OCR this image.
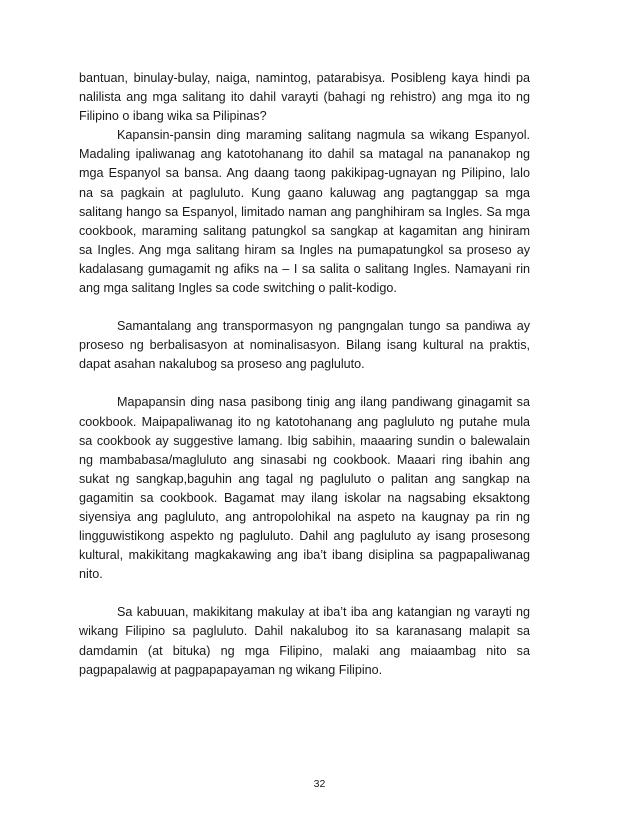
bantuan, binulay-bulay, naiga, namintog, patarabisya. Posibleng kaya hindi pa nalilista ang mga salitang ito dahil varayti (bahagi ng rehistro) ang mga ito ng Filipino o ibang wika sa Pilipinas?

Kapansin-pansin ding maraming salitang nagmula sa wikang Espanyol. Madaling ipaliwanag ang katotohanang ito dahil sa matagal na pananakop ng mga Espanyol sa bansa. Ang daang taong pakikipag-ugnayan ng Pilipino, lalo na sa pagkain at pagluluto. Kung gaano kaluwag ang pagtanggap sa mga salitang hango sa Espanyol, limitado naman ang panghihiram sa Ingles. Sa mga cookbook, maraming salitang patungkol sa sangkap at kagamitan ang hiniram sa Ingles. Ang mga salitang hiram sa Ingles na pumapatungkol sa proseso ay kadalasang gumagamit ng afiks na – I sa salita o salitang Ingles. Namayani rin ang mga salitang Ingles sa code switching o palit-kodigo.

Samantalang ang transpormasyon ng pangngalan tungo sa pandiwa ay proseso ng berbalisasyon at nominalisasyon. Bilang isang kultural na praktis, dapat asahan nakalubog sa proseso ang pagluluto.

Mapapansin ding nasa pasibong tinig ang ilang pandiwang ginagamit sa cookbook. Maipapaliwanag ito ng katotohanang ang pagluluto ng putahe mula sa cookbook ay suggestive lamang. Ibig sabihin, maaaring sundin o balewalain ng mambabasa/magluluto ang sinasabi ng cookbook. Maaari ring ibahin ang sukat ng sangkap,baguhin ang tagal ng pagluluto o palitan ang sangkap na gagamitin sa cookbook. Bagamat may ilang iskolar na nagsabing eksaktong siyensiya ang pagluluto, ang antropolohikal na aspeto na kaugnay pa rin ng lingguwistikong aspekto ng pagluluto. Dahil ang pagluluto ay isang prosesong kultural, makikitang magkakawing ang iba’t ibang disiplina sa pagpapaliwanag nito.

Sa kabuuan, makikitang makulay at iba’t iba ang katangian ng varayti ng wikang Filipino sa pagluluto. Dahil nakalubog ito sa karanasang malapit sa damdamin (at bituka) ng mga Filipino, malaki ang maiaambag nito sa pagpapalawig at pagpapapayaman ng wikang Filipino.

32
